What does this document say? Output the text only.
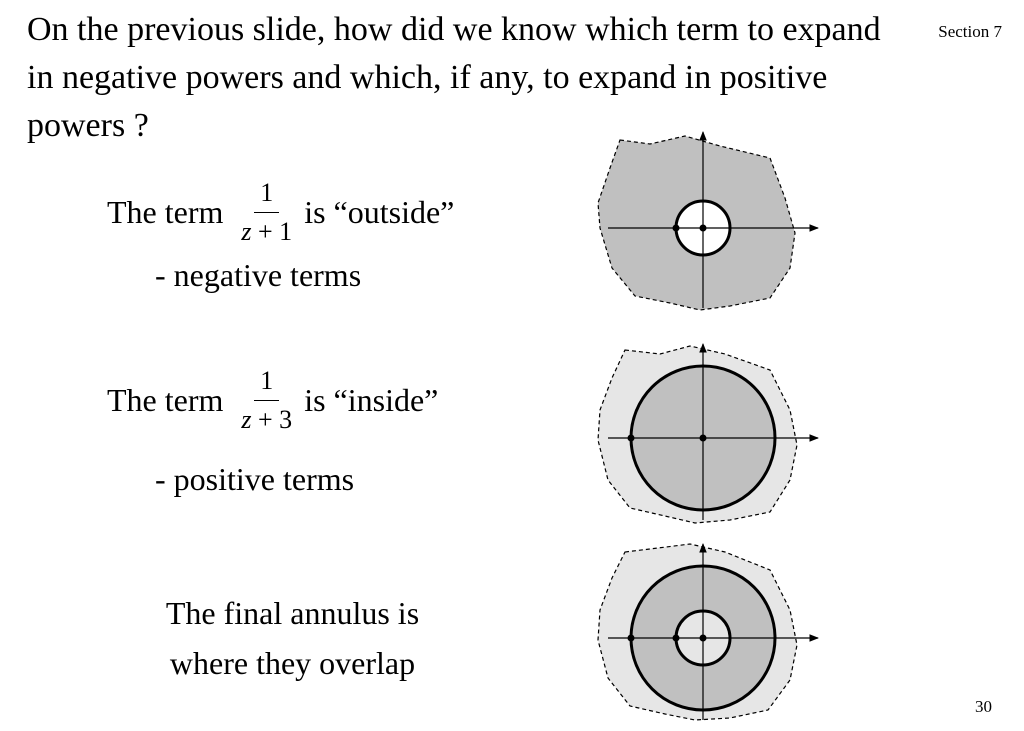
On the previous slide, how did we know which term to expand in negative powers and which, if any, to expand in positive powers ?
Section 7
The term $\frac{1}{z + 1}$ is “outside”
- negative terms
The term $\frac{1}{z + 3}$ is “inside”
- positive terms
The final annulus is
where they overlap
30
